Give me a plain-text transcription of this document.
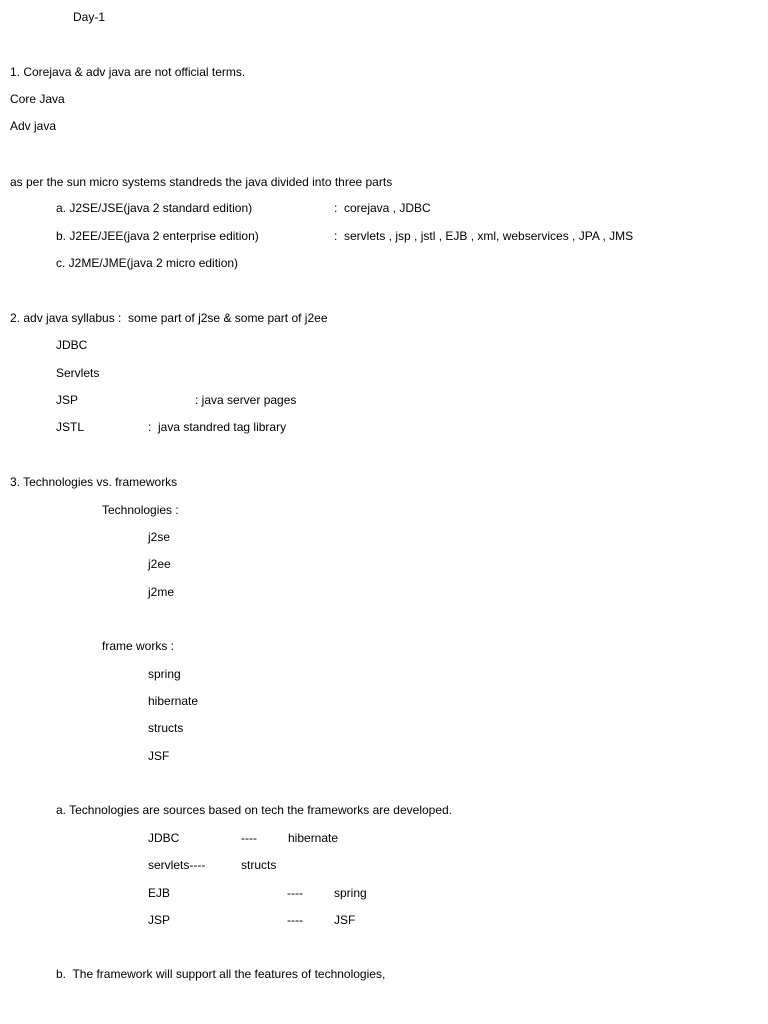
Day-1
1. Corejava & adv java are not official terms.
Core Java
Adv java
as per the sun micro systems standreds the java divided into three parts
a. J2SE/JSE(java 2 standard edition)	:  corejava , JDBC
b. J2EE/JEE(java 2 enterprise edition)	:  servlets , jsp , jstl , EJB , xml, webservices , JPA , JMS
c. J2ME/JME(java 2 micro edition)
2. adv java syllabus :  some part of j2se & some part of j2ee
JDBC
Servlets
JSP	: java server pages
JSTL	:  java standred tag library
3. Technologies vs. frameworks
Technologies :
j2se
j2ee
j2me
frame works :
spring
hibernate
structs
JSF
a. Technologies are sources based on tech the frameworks are developed.
JDBC	----	hibernate
servlets----	structs
EJB	----	spring
JSP	----	JSF
b.  The framework will support all the features of technologies,
